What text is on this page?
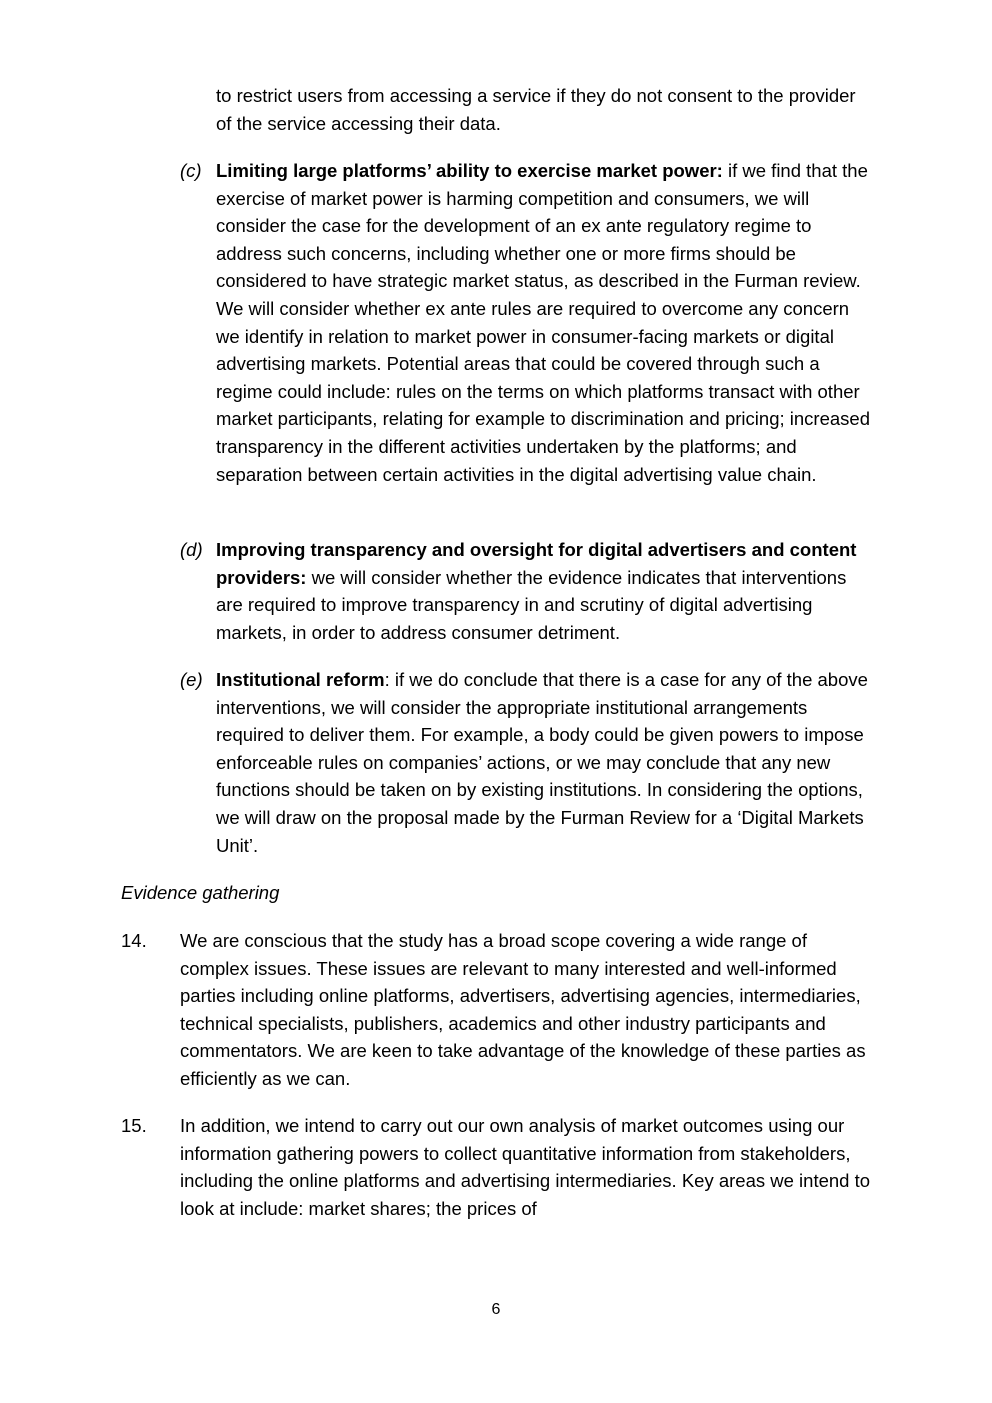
to restrict users from accessing a service if they do not consent to the provider of the service accessing their data.

(c) Limiting large platforms’ ability to exercise market power: if we find that the exercise of market power is harming competition and consumers, we will consider the case for the development of an ex ante regulatory regime to address such concerns, including whether one or more firms should be considered to have strategic market status, as described in the Furman review. We will consider whether ex ante rules are required to overcome any concern we identify in relation to market power in consumer-facing markets or digital advertising markets. Potential areas that could be covered through such a regime could include: rules on the terms on which platforms transact with other market participants, relating for example to discrimination and pricing; increased transparency in the different activities undertaken by the platforms; and separation between certain activities in the digital advertising value chain.

(d) Improving transparency and oversight for digital advertisers and content providers: we will consider whether the evidence indicates that interventions are required to improve transparency in and scrutiny of digital advertising markets, in order to address consumer detriment.

(e) Institutional reform: if we do conclude that there is a case for any of the above interventions, we will consider the appropriate institutional arrangements required to deliver them. For example, a body could be given powers to impose enforceable rules on companies’ actions, or we may conclude that any new functions should be taken on by existing institutions. In considering the options, we will draw on the proposal made by the Furman Review for a ‘Digital Markets Unit’.

Evidence gathering
14. We are conscious that the study has a broad scope covering a wide range of complex issues. These issues are relevant to many interested and well-informed parties including online platforms, advertisers, advertising agencies, intermediaries, technical specialists, publishers, academics and other industry participants and commentators. We are keen to take advantage of the knowledge of these parties as efficiently as we can.

15. In addition, we intend to carry out our own analysis of market outcomes using our information gathering powers to collect quantitative information from stakeholders, including the online platforms and advertising intermediaries. Key areas we intend to look at include: market shares; the prices of

6
